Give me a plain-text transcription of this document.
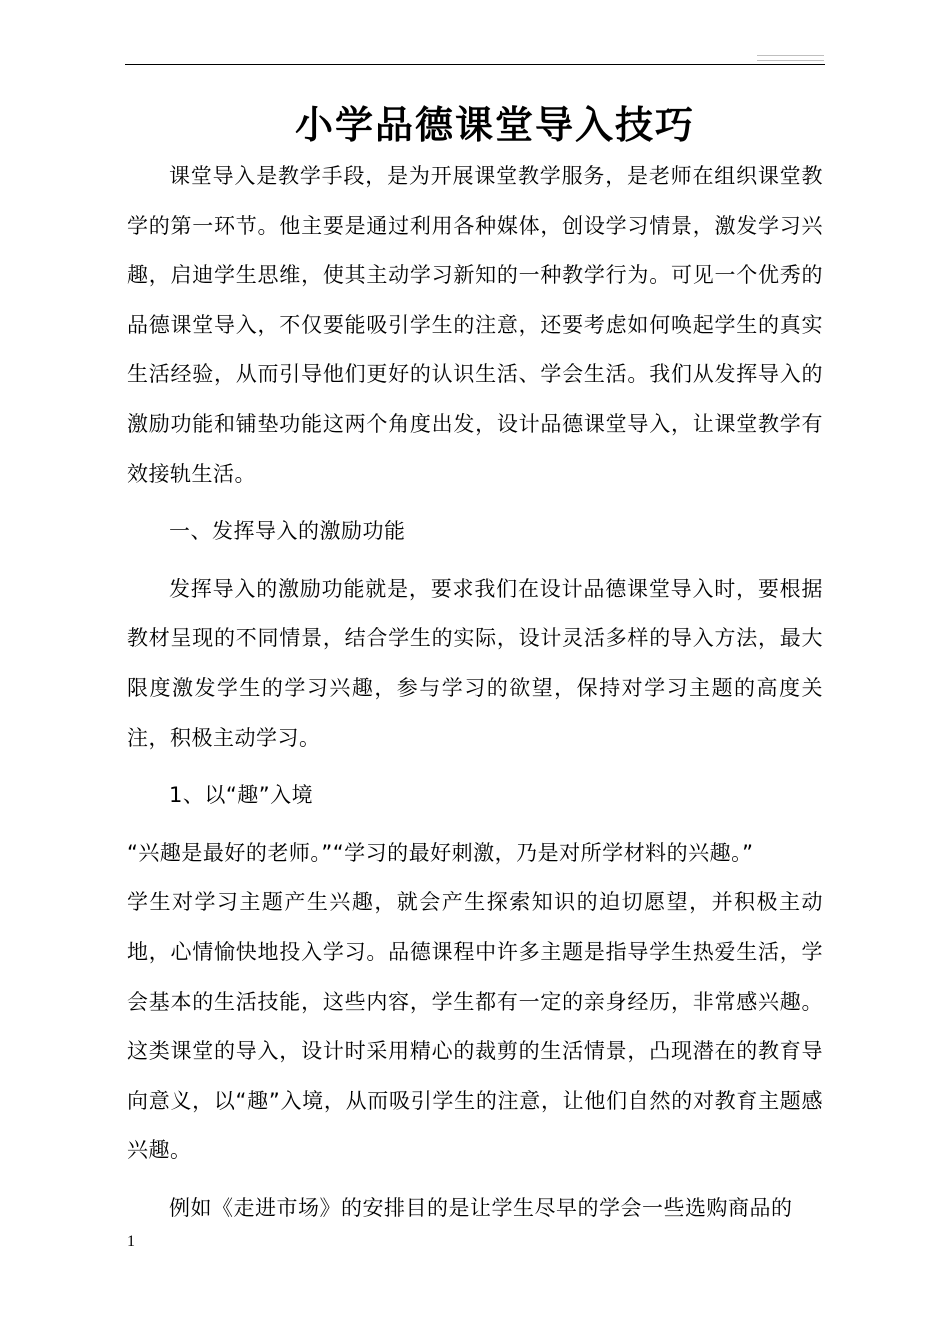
小学品德课堂导入技巧

课堂导入是教学手段，是为开展课堂教学服务，是老师在组织课堂教学的第一环节。他主要是通过利用各种媒体，创设学习情景，激发学习兴趣，启迪学生思维，使其主动学习新知的一种教学行为。可见一个优秀的品德课堂导入，不仅要能吸引学生的注意，还要考虑如何唤起学生的真实生活经验，从而引导他们更好的认识生活、学会生活。我们从发挥导入的激励功能和铺垫功能这两个角度出发，设计品德课堂导入，让课堂教学有效接轨生活。

一、发挥导入的激励功能

发挥导入的激励功能就是，要求我们在设计品德课堂导入时，要根据教材呈现的不同情景，结合学生的实际，设计灵活多样的导入方法，最大限度激发学生的学习兴趣，参与学习的欲望，保持对学习主题的高度关注，积极主动学习。

1、以“趣”入境

“兴趣是最好的老师。”“学习的最好刺激，乃是对所学材料的兴趣。”
学生对学习主题产生兴趣，就会产生探索知识的迫切愿望，并积极主动地，心情愉快地投入学习。品德课程中许多主题是指导学生热爱生活，学会基本的生活技能，这些内容，学生都有一定的亲身经历，非常感兴趣。这类课堂的导入，设计时采用精心的裁剪的生活情景，凸现潜在的教育导向意义，以“趣”入境，从而吸引学生的注意，让他们自然的对教育主题感兴趣。

例如《走进市场》的安排目的是让学生尽早的学会一些选购商品的

1
